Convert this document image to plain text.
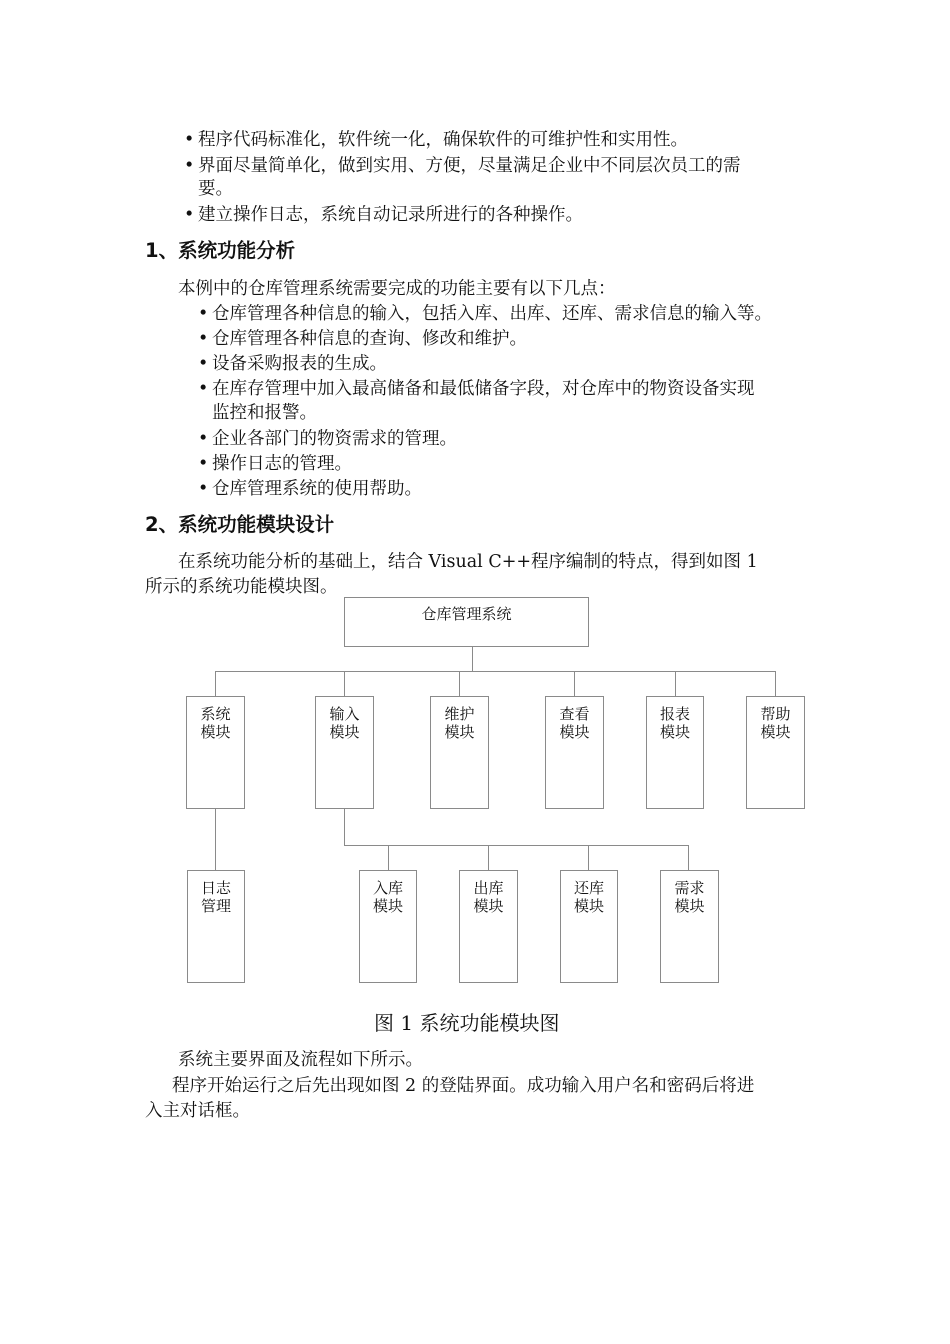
• 程序代码标准化，软件统一化，确保软件的可维护性和实用性。
• 界面尽量简单化，做到实用、方便，尽量满足企业中不同层次员工的需
要。
• 建立操作日志，系统自动记录所进行的各种操作。
1、系统功能分析
本例中的仓库管理系统需要完成的功能主要有以下几点：
• 仓库管理各种信息的输入，包括入库、出库、还库、需求信息的输入等。
• 仓库管理各种信息的查询、修改和维护。
• 设备采购报表的生成。
• 在库存管理中加入最高储备和最低储备字段，对仓库中的物资设备实现
监控和报警。
• 企业各部门的物资需求的管理。
• 操作日志的管理。
• 仓库管理系统的使用帮助。
2、系统功能模块设计
在系统功能分析的基础上，结合 Visual C++程序编制的特点，得到如图 1
所示的系统功能模块图。
仓库管理系统
系统
模块
输入
模块
维护
模块
查看
模块
报表
模块
帮助
模块
日志
管理
入库
模块
出库
模块
还库
模块
需求
模块
图 1 系统功能模块图
系统主要界面及流程如下所示。
程序开始运行之后先出现如图 2 的登陆界面。成功输入用户名和密码后将进
入主对话框。
